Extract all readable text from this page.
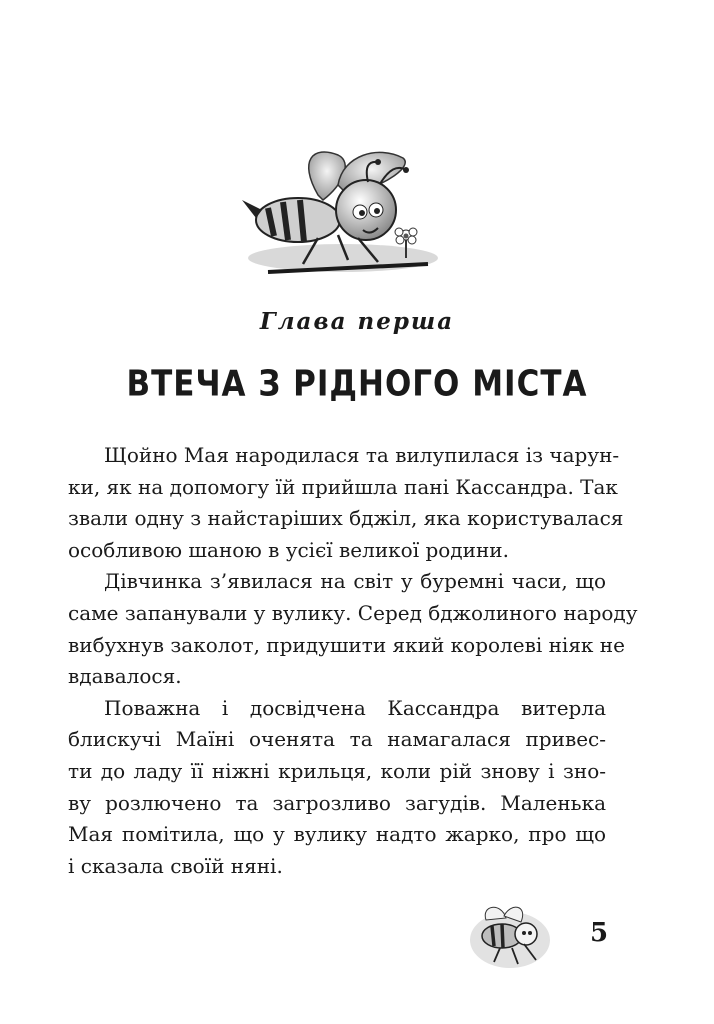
Глава перша
ВТЕЧА З РІДНОГО МІСТА
Щойно Мая народилася та вилупилася із чарун-
ки, як на допомогу їй прийшла пані Кассандра. Так
звали одну з найстаріших бджіл, яка користувалася
особливою шаною в усієї великої родини.
Дівчинка з’явилася на світ у буремні часи, що
саме запанували у вулику. Серед бджолиного народу
вибухнув заколот, придушити який королеві ніяк не
вдавалося.
Поважна і досвідчена Кассандра витерла
блискучі Маїні оченята та намагалася привес-
ти до ладу її ніжні крильця, коли рій знову і зно-
ву розлючено та загрозливо загудів. Маленька
Мая помітила, що у вулику надто жарко, про що
і сказала своїй няні.
5
